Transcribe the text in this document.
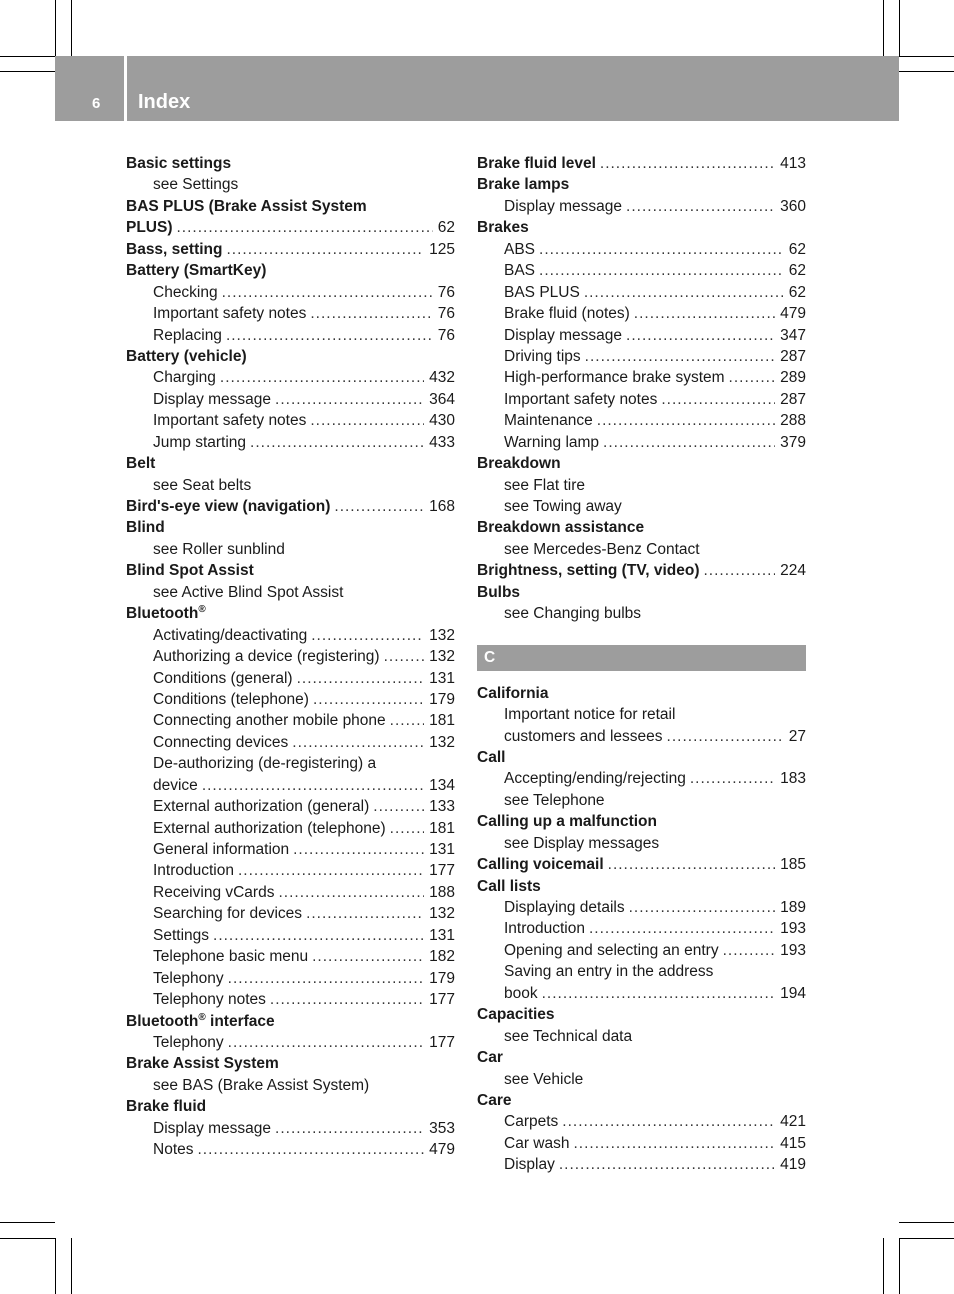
6 Index
Basic settings
see Settings
BAS PLUS (Brake Assist System
PLUS) .....	62
Bass, setting .....	125
Battery (SmartKey)
Checking .....	76
Important safety notes .....	76
Replacing .....	76
Battery (vehicle)
Charging .....	432
Display message .....	364
Important safety notes .....	430
Jump starting .....	433
Belt
see Seat belts
Bird's-eye view (navigation) .....	168
Blind
see Roller sunblind
Blind Spot Assist
see Active Blind Spot Assist
Bluetooth®
Activating/deactivating .....	132
Authorizing a device (registering) .....	132
Conditions (general) .....	131
Conditions (telephone) .....	179
Connecting another mobile phone .....	181
Connecting devices .....	132
De-authorizing (de-registering) a
device .....	134
External authorization (general) .....	133
External authorization (telephone) .....	181
General information .....	131
Introduction .....	177
Receiving vCards .....	188
Searching for devices .....	132
Settings .....	131
Telephone basic menu .....	182
Telephony .....	179
Telephony notes .....	177
Bluetooth® interface
Telephony .....	177
Brake Assist System
see BAS (Brake Assist System)
Brake fluid
Display message .....	353
Notes .....	479
Brake fluid level .....	413
Brake lamps
Display message .....	360
Brakes
ABS .....	62
BAS .....	62
BAS PLUS .....	62
Brake fluid (notes) .....	479
Display message .....	347
Driving tips .....	287
High-performance brake system .....	289
Important safety notes .....	287
Maintenance .....	288
Warning lamp .....	379
Breakdown
see Flat tire
see Towing away
Breakdown assistance
see Mercedes-Benz Contact
Brightness, setting (TV, video) .....	224
Bulbs
see Changing bulbs
C
California
Important notice for retail
customers and lessees .....	27
Call
Accepting/ending/rejecting .....	183
see Telephone
Calling up a malfunction
see Display messages
Calling voicemail .....	185
Call lists
Displaying details .....	189
Introduction .....	193
Opening and selecting an entry .....	193
Saving an entry in the address
book .....	194
Capacities
see Technical data
Car
see Vehicle
Care
Carpets .....	421
Car wash .....	415
Display .....	419
